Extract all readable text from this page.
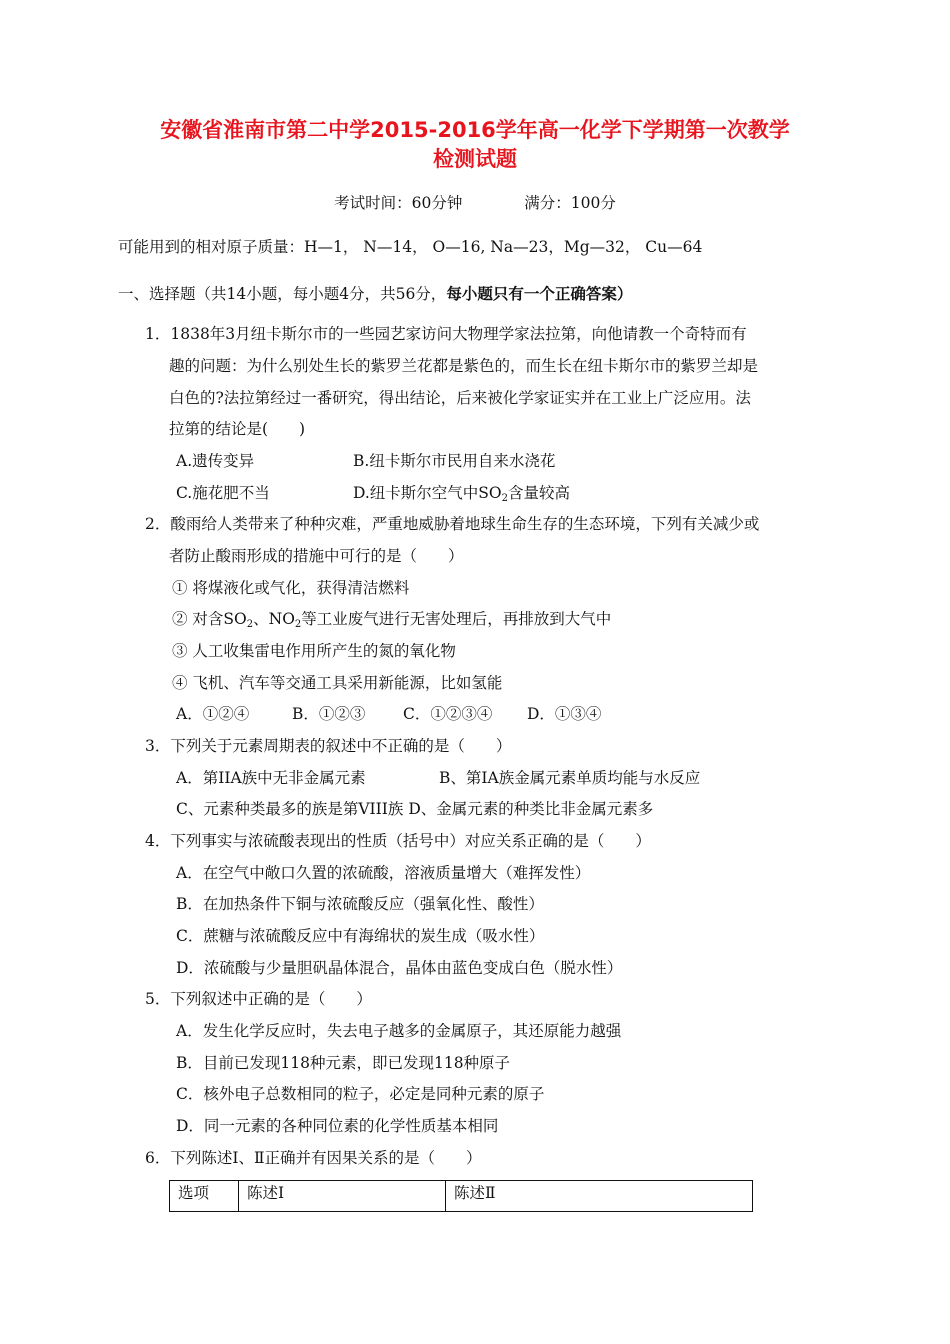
安徽省淮南市第二中学2015-2016学年高一化学下学期第一次教学
检测试题
考试时间：60分钟	满分：100分
可能用到的相对原子质量：H—1， N—14， O—16, Na—23，Mg—32， Cu—64
一、选择题（共14小题，每小题4分，共56分，每小题只有一个正确答案）
1．1838年3月纽卡斯尔市的一些园艺家访问大物理学家法拉第，向他请教一个奇特而有
趣的问题：为什么别处生长的紫罗兰花都是紫色的，而生长在纽卡斯尔市的紫罗兰却是
白色的?法拉第经过一番研究，得出结论，后来被化学家证实并在工业上广泛应用。法
拉第的结论是(　　)
A.遗传变异	B.纽卡斯尔市民用自来水浇花
C.施花肥不当	D.纽卡斯尔空气中$SO_2$含量较高
2．酸雨给人类带来了种种灾难，严重地威胁着地球生命生存的生态环境，下列有关减少或
者防止酸雨形成的措施中可行的是（　　）
① 将煤液化或气化，获得清洁燃料
② 对含$SO_2$、$NO_2$等工业废气进行无害处理后，再排放到大气中
③ 人工收集雷电作用所产生的氮的氧化物
④ 飞机、汽车等交通工具采用新能源，比如氢能
A．①②④	B．①②③ C．①②③④ D．①③④
3．下列关于元素周期表的叙述中不正确的是（　　）
A．第IIA族中无非金属元素	B、第IA族金属元素单质均能与水反应
C、元素种类最多的族是第VIII族 D、金属元素的种类比非金属元素多
4．下列事实与浓硫酸表现出的性质（括号中）对应关系正确的是（　　）
A．在空气中敞口久置的浓硫酸，溶液质量增大（难挥发性）
B．在加热条件下铜与浓硫酸反应（强氧化性、酸性）
C．蔗糖与浓硫酸反应中有海绵状的炭生成（吸水性）
D．浓硫酸与少量胆矾晶体混合，晶体由蓝色变成白色（脱水性）
5．下列叙述中正确的是（　　）
A．发生化学反应时，失去电子越多的金属原子，其还原能力越强
B．目前已发现118种元素，即已发现118种原子
C．核外电子总数相同的粒子，必定是同种元素的原子
D．同一元素的各种同位素的化学性质基本相同
6．下列陈述Ⅰ、Ⅱ正确并有因果关系的是（　　）
选项	陈述Ⅰ	陈述Ⅱ
